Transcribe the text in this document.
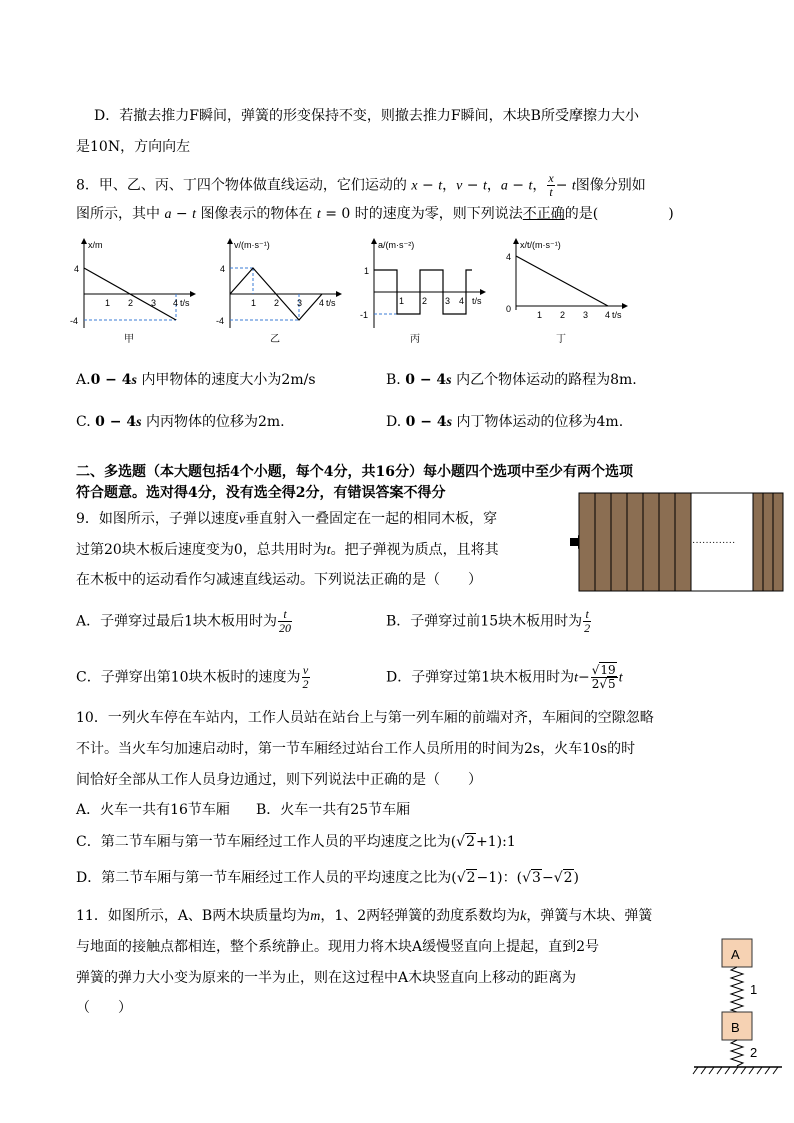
D．若撤去推力F瞬间，弹簧的形变保持不变，则撤去推力F瞬间，木块B所受摩擦力大小
是10N，方向向左
8．甲、乙、丙、丁四个物体做直线运动，它们运动的 x − t，v − t，a − t， $\frac{x}{t} - t$图像分别如
图所示，其中 a − t 图像表示的物体在 t = 0 时的速度为零，则下列说法不正确的是(	)
x/m
t/s
4
-4
1 2 3 4
甲
v/(m·s⁻¹)
t/s
4
-4
1 2 3 4
乙
a/(m·s⁻²)
t/s
1
-1
1 2 3 4
丙
x/t/(m·s⁻¹)
t/s
4
0
1 2 3 4
丁
A.0 − 4s 内甲物体的速度大小为2m/s	B. 0 − 4s 内乙个物体运动的路程为8m.
C. 0 − 4s 内丙物体的位移为2m.	D. 0 − 4s 内丁物体运动的位移为4m.
二、多选题（本大题包括4个小题，每个4分，共16分）每小题四个选项中至少有两个选项
符合题意。选对得4分，没有选全得2分，有错误答案不得分
9．如图所示，子弹以速度v垂直射入一叠固定在一起的相同木板，穿
过第20块木板后速度变为0，总共用时为t。把子弹视为质点，且将其
在木板中的运动看作匀减速直线运动。下列说法正确的是（　　）
·············
A．子弹穿过最后1块木板用时为 $\frac{t}{20}$	B．子弹穿过前15块木板用时为 $\frac{t}{2}$
C．子弹穿出第10块木板时的速度为 $\frac{v}{2}$	D．子弹穿过第1块木板用时为$t- \frac{√19}{2√5}$ t
10．一列火车停在车站内，工作人员站在站台上与第一列车厢的前端对齐，车厢间的空隙忽略
不计。当火车匀加速启动时，第一节车厢经过站台工作人员所用的时间为2s，火车10s的时
间恰好全部从工作人员身边通过，则下列说法中正确的是（　　）
A．火车一共有16节车厢 B．火车一共有25节车厢
C．第二节车厢与第一节车厢经过工作人员的平均速度之比为(√2+1):1
D．第二节车厢与第一节车厢经过工作人员的平均速度之比为(√2−1)：(√3−√2)
11．如图所示，A、B两木块质量均为m，1、2两轻弹簧的劲度系数均为k，弹簧与木块、弹簧
与地面的接触点都相连，整个系统静止。现用力将木块A缓慢竖直向上提起，直到2号
弹簧的弹力大小变为原来的一半为止，则在这过程中A木块竖直向上移动的距离为
（　　）
A
1
B
2
